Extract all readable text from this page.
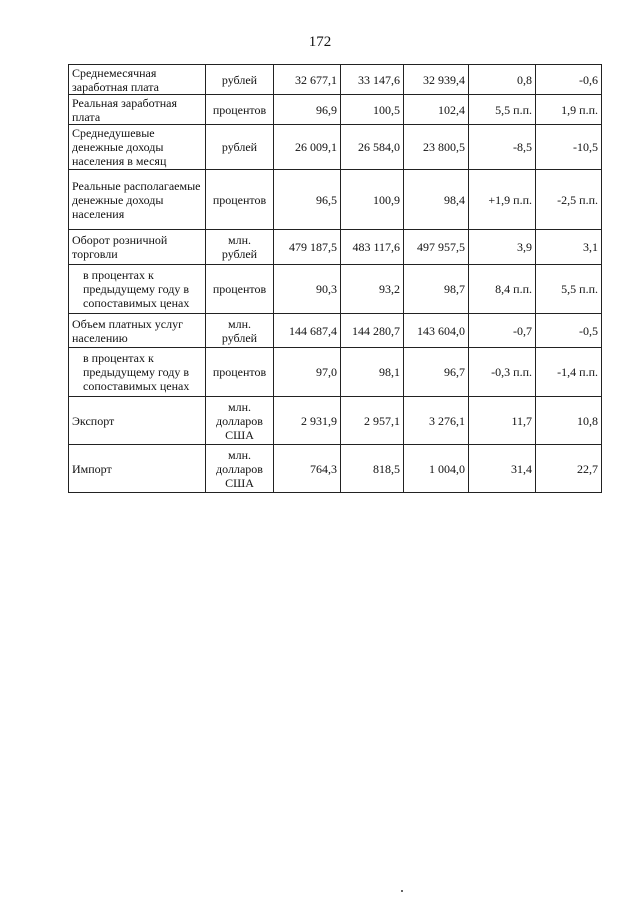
172
Среднемесячная заработная плата	рублей	32 677,1	33 147,6	32 939,4	0,8	-0,6
Реальная заработная плата	процентов	96,9	100,5	102,4	5,5 п.п.	1,9 п.п.
Среднедушевые денежные доходы населения в месяц	рублей	26 009,1	26 584,0	23 800,5	-8,5	-10,5
Реальные располагаемые денежные доходы населения	процентов	96,5	100,9	98,4	+1,9 п.п.	-2,5 п.п.
Оборот розничной торговли	млн. рублей	479 187,5	483 117,6	497 957,5	3,9	3,1
в процентах к предыдущему году в сопоставимых ценах	процентов	90,3	93,2	98,7	8,4 п.п.	5,5 п.п.
Объем платных услуг населению	млн. рублей	144 687,4	144 280,7	143 604,0	-0,7	-0,5
в процентах к предыдущему году в сопоставимых ценах	процентов	97,0	98,1	96,7	-0,3 п.п.	-1,4 п.п.
Экспорт	млн. долларов США	2 931,9	2 957,1	3 276,1	11,7	10,8
Импорт	млн. долларов США	764,3	818,5	1 004,0	31,4	22,7
